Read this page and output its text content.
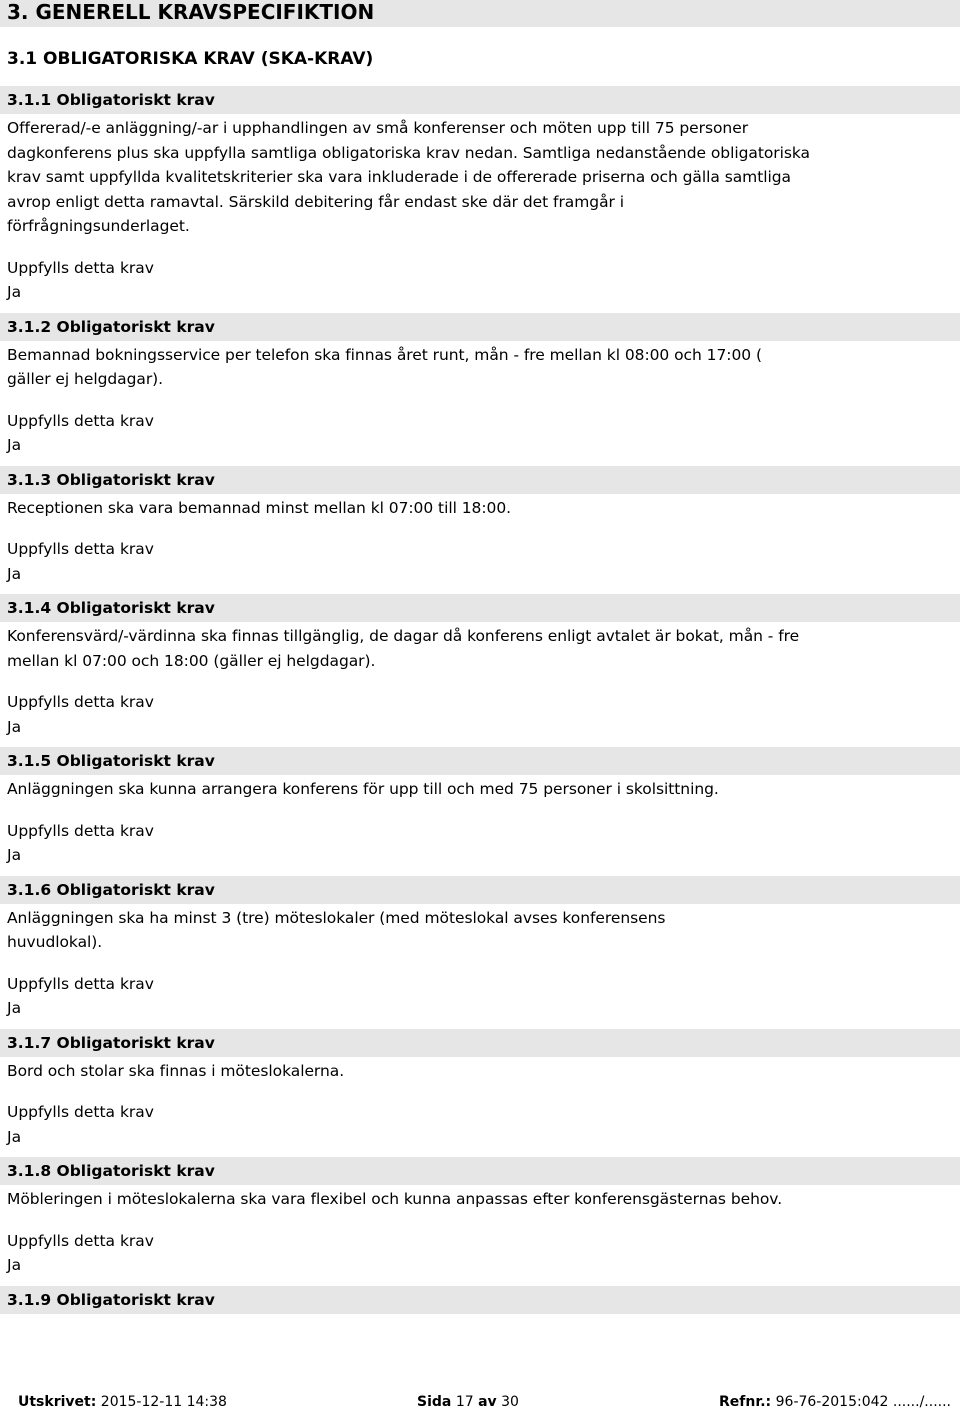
3. GENERELL KRAVSPECIFIKTION
3.1 OBLIGATORISKA KRAV (SKA-KRAV)
3.1.1 Obligatoriskt krav
Offererad/-e anläggning/-ar i upphandlingen av små konferenser och möten upp till 75 personer dagkonferens plus ska uppfylla samtliga obligatoriska krav nedan. Samtliga nedanstående obligatoriska krav samt uppfyllda kvalitetskriterier ska vara inkluderade i de offererade priserna och gälla samtliga avrop enligt detta ramavtal. Särskild debitering får endast ske där det framgår i förfrågningsunderlaget.
Uppfylls detta krav
Ja
3.1.2 Obligatoriskt krav
Bemannad bokningsservice per telefon ska finnas året runt, mån - fre mellan kl 08:00 och 17:00 ( gäller ej helgdagar).
Uppfylls detta krav
Ja
3.1.3 Obligatoriskt krav
Receptionen ska vara bemannad minst mellan kl 07:00 till 18:00.
Uppfylls detta krav
Ja
3.1.4 Obligatoriskt krav
Konferensvärd/-värdinna ska finnas tillgänglig, de dagar då konferens enligt avtalet är bokat, mån - fre mellan kl 07:00 och 18:00 (gäller ej helgdagar).
Uppfylls detta krav
Ja
3.1.5 Obligatoriskt krav
Anläggningen ska kunna arrangera konferens för upp till och med 75 personer i skolsittning.
Uppfylls detta krav
Ja
3.1.6 Obligatoriskt krav
Anläggningen ska ha minst 3 (tre) möteslokaler (med möteslokal avses konferensens huvudlokal).
Uppfylls detta krav
Ja
3.1.7 Obligatoriskt krav
Bord och stolar ska finnas i möteslokalerna.
Uppfylls detta krav
Ja
3.1.8 Obligatoriskt krav
Möbleringen i möteslokalerna ska vara flexibel och kunna anpassas efter konferensgästernas behov.
Uppfylls detta krav
Ja
3.1.9 Obligatoriskt krav
Utskrivet: 2015-12-11 14:38	Sida 17 av 30	Refnr.: 96-76-2015:042 ....../......
